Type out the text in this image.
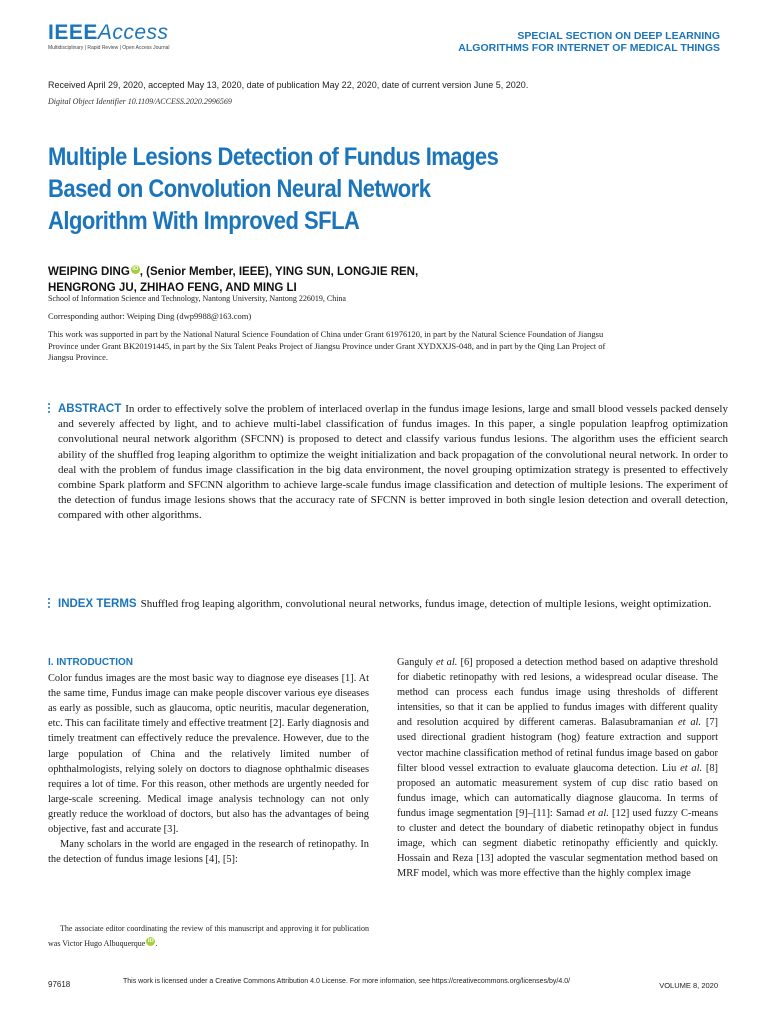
IEEEAccess
Multidisciplinary | Rapid Review | Open Access Journal
SPECIAL SECTION ON DEEP LEARNING
ALGORITHMS FOR INTERNET OF MEDICAL THINGS
Received April 29, 2020, accepted May 13, 2020, date of publication May 22, 2020, date of current version June 5, 2020.
Digital Object Identifier 10.1109/ACCESS.2020.2996569
Multiple Lesions Detection of Fundus Images
Based on Convolution Neural Network
Algorithm With Improved SFLA
WEIPING DING iD , (Senior Member, IEEE), YING SUN, LONGJIE REN,
HENGRONG JU, ZHIHAO FENG, AND MING LI
School of Information Science and Technology, Nantong University, Nantong 226019, China
Corresponding author: Weiping Ding (dwp9988@163.com)
This work was supported in part by the National Natural Science Foundation of China under Grant 61976120, in part by the Natural Science Foundation of Jiangsu Province under Grant BK20191445, in part by the Six Talent Peaks Project of Jiangsu Province under Grant XYDXXJS-048, and in part by the Qing Lan Project of Jiangsu Province.
ABSTRACT In order to effectively solve the problem of interlaced overlap in the fundus image lesions, large and small blood vessels packed densely and severely affected by light, and to achieve multi-label classification of fundus images. In this paper, a single population leapfrog optimization convolutional neural network algorithm (SFCNN) is proposed to detect and classify various fundus lesions. The algorithm uses the efficient search ability of the shuffled frog leaping algorithm to optimize the weight initialization and back propagation of the convolutional neural network. In order to deal with the problem of fundus image classification in the big data environment, the novel grouping optimization strategy is presented to effectively combine Spark platform and SFCNN algorithm to achieve large-scale fundus image classification and detection of multiple lesions. The experiment of the detection of fundus image lesions shows that the accuracy rate of SFCNN is better improved in both single lesion detection and overall detection, compared with other algorithms.
INDEX TERMS Shuffled frog leaping algorithm, convolutional neural networks, fundus image, detection of multiple lesions, weight optimization.
I. INTRODUCTION

Color fundus images are the most basic way to diagnose eye diseases [1]. At the same time, Fundus image can make people discover various eye diseases as early as possible, such as glaucoma, optic neuritis, macular degeneration, etc. This can facilitate timely and effective treatment [2]. Early diagnosis and timely treatment can effectively reduce the prevalence. However, due to the large population of China and the relatively limited number of ophthalmologists, relying solely on doctors to diagnose ophthalmic diseases requires a lot of time. For this reason, other methods are urgently needed for large-scale screening. Medical image analysis technology can not only greatly reduce the workload of doctors, but also has the advantages of being objective, fast and accurate [3].

Many scholars in the world are engaged in the research of retinopathy. In the detection of fundus image lesions [4], [5]:

The associate editor coordinating the review of this manuscript and approving it for publication was Victor Hugo Albuquerque iD .

Ganguly et al. [6] proposed a detection method based on adaptive threshold for diabetic retinopathy with red lesions, a widespread ocular disease. The method can process each fundus image using thresholds of different intensities, so that it can be applied to fundus images with different quality and resolution acquired by different cameras. Balasubramanian et al. [7] used directional gradient histogram (hog) feature extraction and support vector machine classification method of retinal fundus image based on gabor filter blood vessel extraction to evaluate glaucoma detection. Liu et al. [8] proposed an automatic measurement system of cup disc ratio based on fundus image, which can automatically diagnose glaucoma. In terms of fundus image segmentation [9]–[11]: Samad et al. [12] used fuzzy C-means to cluster and detect the boundary of diabetic retinopathy object in fundus image, which can segment diabetic retinopathy efficiently and quickly. Hossain and Reza [13] adopted the vascular segmentation method based on MRF model, which was more effective than the highly complex image

97618	This work is licensed under a Creative Commons Attribution 4.0 License. For more information, see https://creativecommons.org/licenses/by/4.0/	VOLUME 8, 2020
